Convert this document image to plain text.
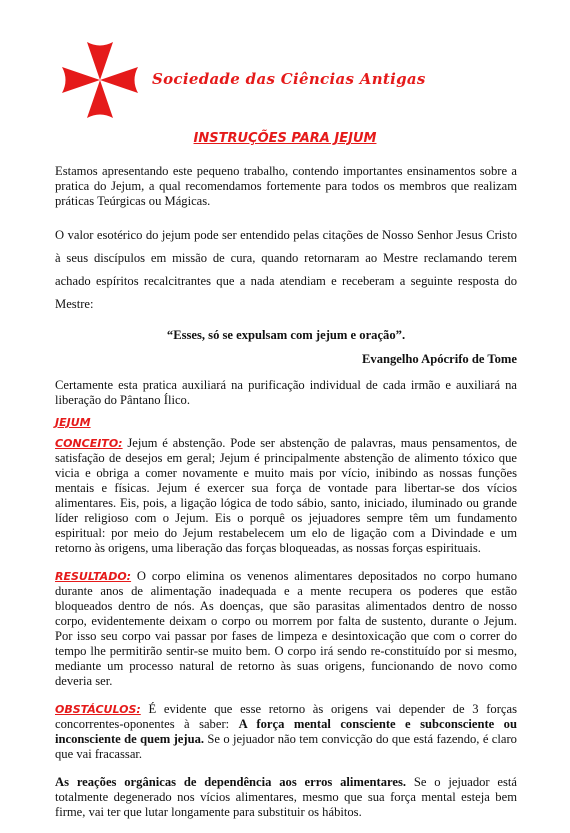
Sociedade das Ciências Antigas
INSTRUÇÕES PARA JEJUM

Estamos apresentando este pequeno trabalho, contendo importantes ensinamentos sobre a pratica do Jejum, a qual recomendamos fortemente para todos os membros que realizam práticas Teúrgicas ou Mágicas.

O valor esotérico do jejum pode ser entendido pelas citações de Nosso Senhor Jesus Cristo à seus discípulos em missão de cura, quando retornaram ao Mestre reclamando terem achado espíritos recalcitrantes que a nada atendiam e receberam a seguinte resposta do Mestre:

“Esses, só se expulsam com jejum e oração”.

Evangelho Apócrifo de Tome

Certamente esta pratica auxiliará na purificação individual de cada irmão e auxiliará na liberação do Pântano Ílico.

JEJUM

CONCEITO: Jejum é abstenção. Pode ser abstenção de palavras, maus pensamentos, de satisfação de desejos em geral; Jejum é principalmente abstenção de alimento tóxico que vicia e obriga a comer novamente e muito mais por vício, inibindo as nossas funções mentais e físicas. Jejum é exercer sua força de vontade para libertar-se dos vícios alimentares. Eis, pois, a ligação lógica de todo sábio, santo, iniciado, iluminado ou grande líder religioso com o Jejum. Eis o porquê os jejuadores sempre têm um fundamento espiritual: por meio do Jejum restabelecem um elo de ligação com a Divindade e um retorno às origens, uma liberação das forças bloqueadas, as nossas forças espirituais.

RESULTADO: O corpo elimina os venenos alimentares depositados no corpo humano durante anos de alimentação inadequada e a mente recupera os poderes que estão bloqueados dentro de nós. As doenças, que são parasitas alimentados dentro de nosso corpo, evidentemente deixam o corpo ou morrem por falta de sustento, durante o Jejum. Por isso seu corpo vai passar por fases de limpeza e desintoxicação que com o correr do tempo lhe permitirão sentir-se muito bem. O corpo irá sendo re-constituído por si mesmo, mediante um processo natural de retorno às suas origens, funcionando de novo como deveria ser.

OBSTÁCULOS: É evidente que esse retorno às origens vai depender de 3 forças concorrentes-oponentes à saber: A força mental consciente e subconsciente ou inconsciente de quem jejua. Se o jejuador não tem convicção do que está fazendo, é claro que vai fracassar.

As reações orgânicas de dependência aos erros alimentares. Se o jejuador está totalmente degenerado nos vícios alimentares, mesmo que sua força mental esteja bem firme, vai ter que lutar longamente para substituir os hábitos.
